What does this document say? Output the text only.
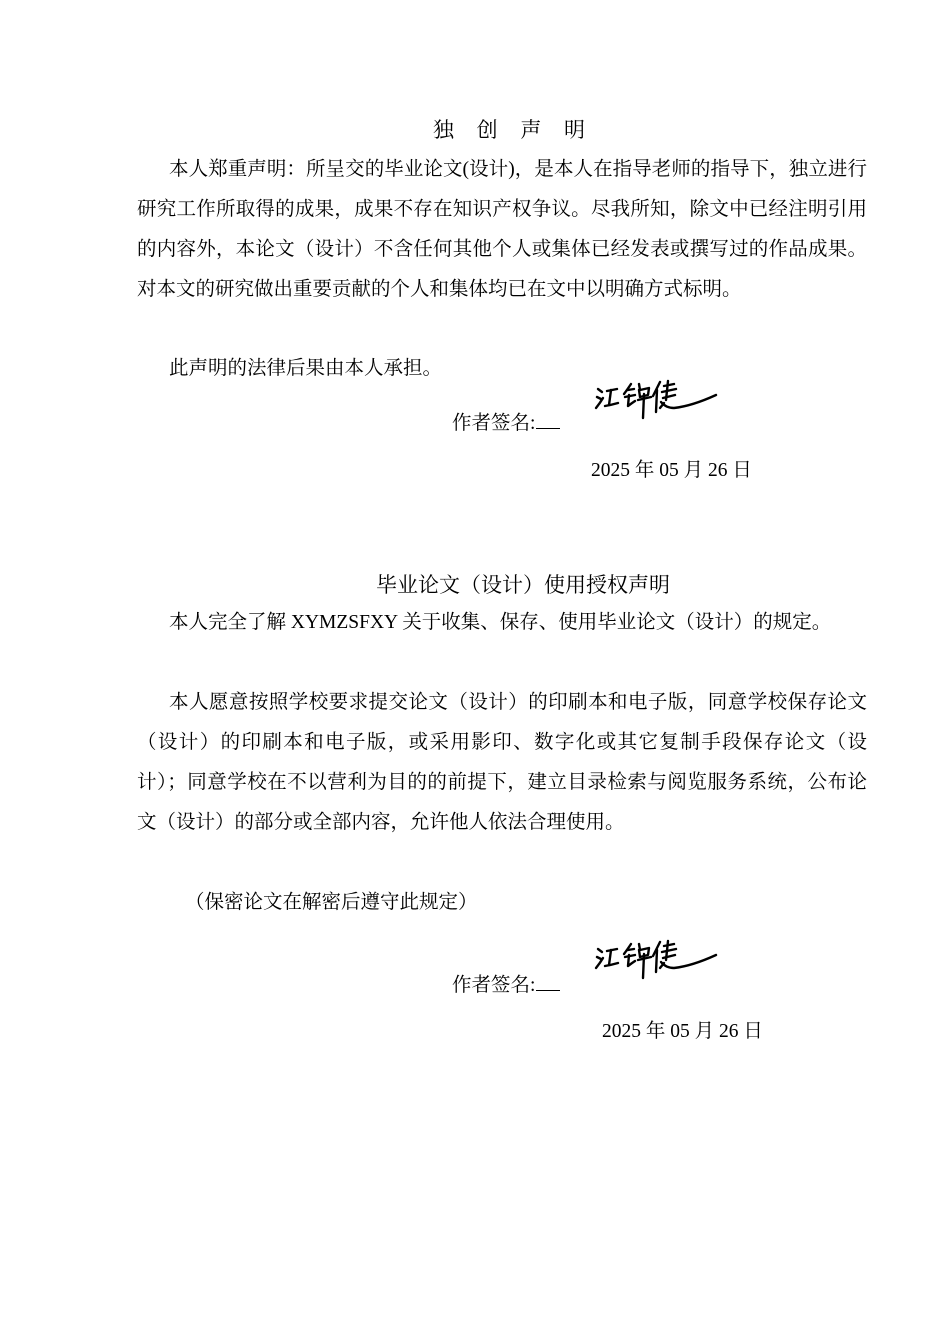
独 创 声 明

本人郑重声明：所呈交的毕业论文(设计)，是本人在指导老师的指导下，独立进行研究工作所取得的成果，成果不存在知识产权争议。尽我所知，除文中已经注明引用的内容外，本论文（设计）不含任何其他个人或集体已经发表或撰写过的作品成果。对本文的研究做出重要贡献的个人和集体均已在文中以明确方式标明。

此声明的法律后果由本人承担。

作者签名:
2025 年 05 月 26 日
毕业论文（设计）使用授权声明

本人完全了解 XYMZSFXY 关于收集、保存、使用毕业论文（设计）的规定。

本人愿意按照学校要求提交论文（设计）的印刷本和电子版，同意学校保存论文（设计）的印刷本和电子版，或采用影印、数字化或其它复制手段保存论文（设计）；同意学校在不以营利为目的的前提下，建立目录检索与阅览服务系统，公布论文（设计）的部分或全部内容，允许他人依法合理使用。

（保密论文在解密后遵守此规定）

作者签名:
2025 年 05 月 26 日
